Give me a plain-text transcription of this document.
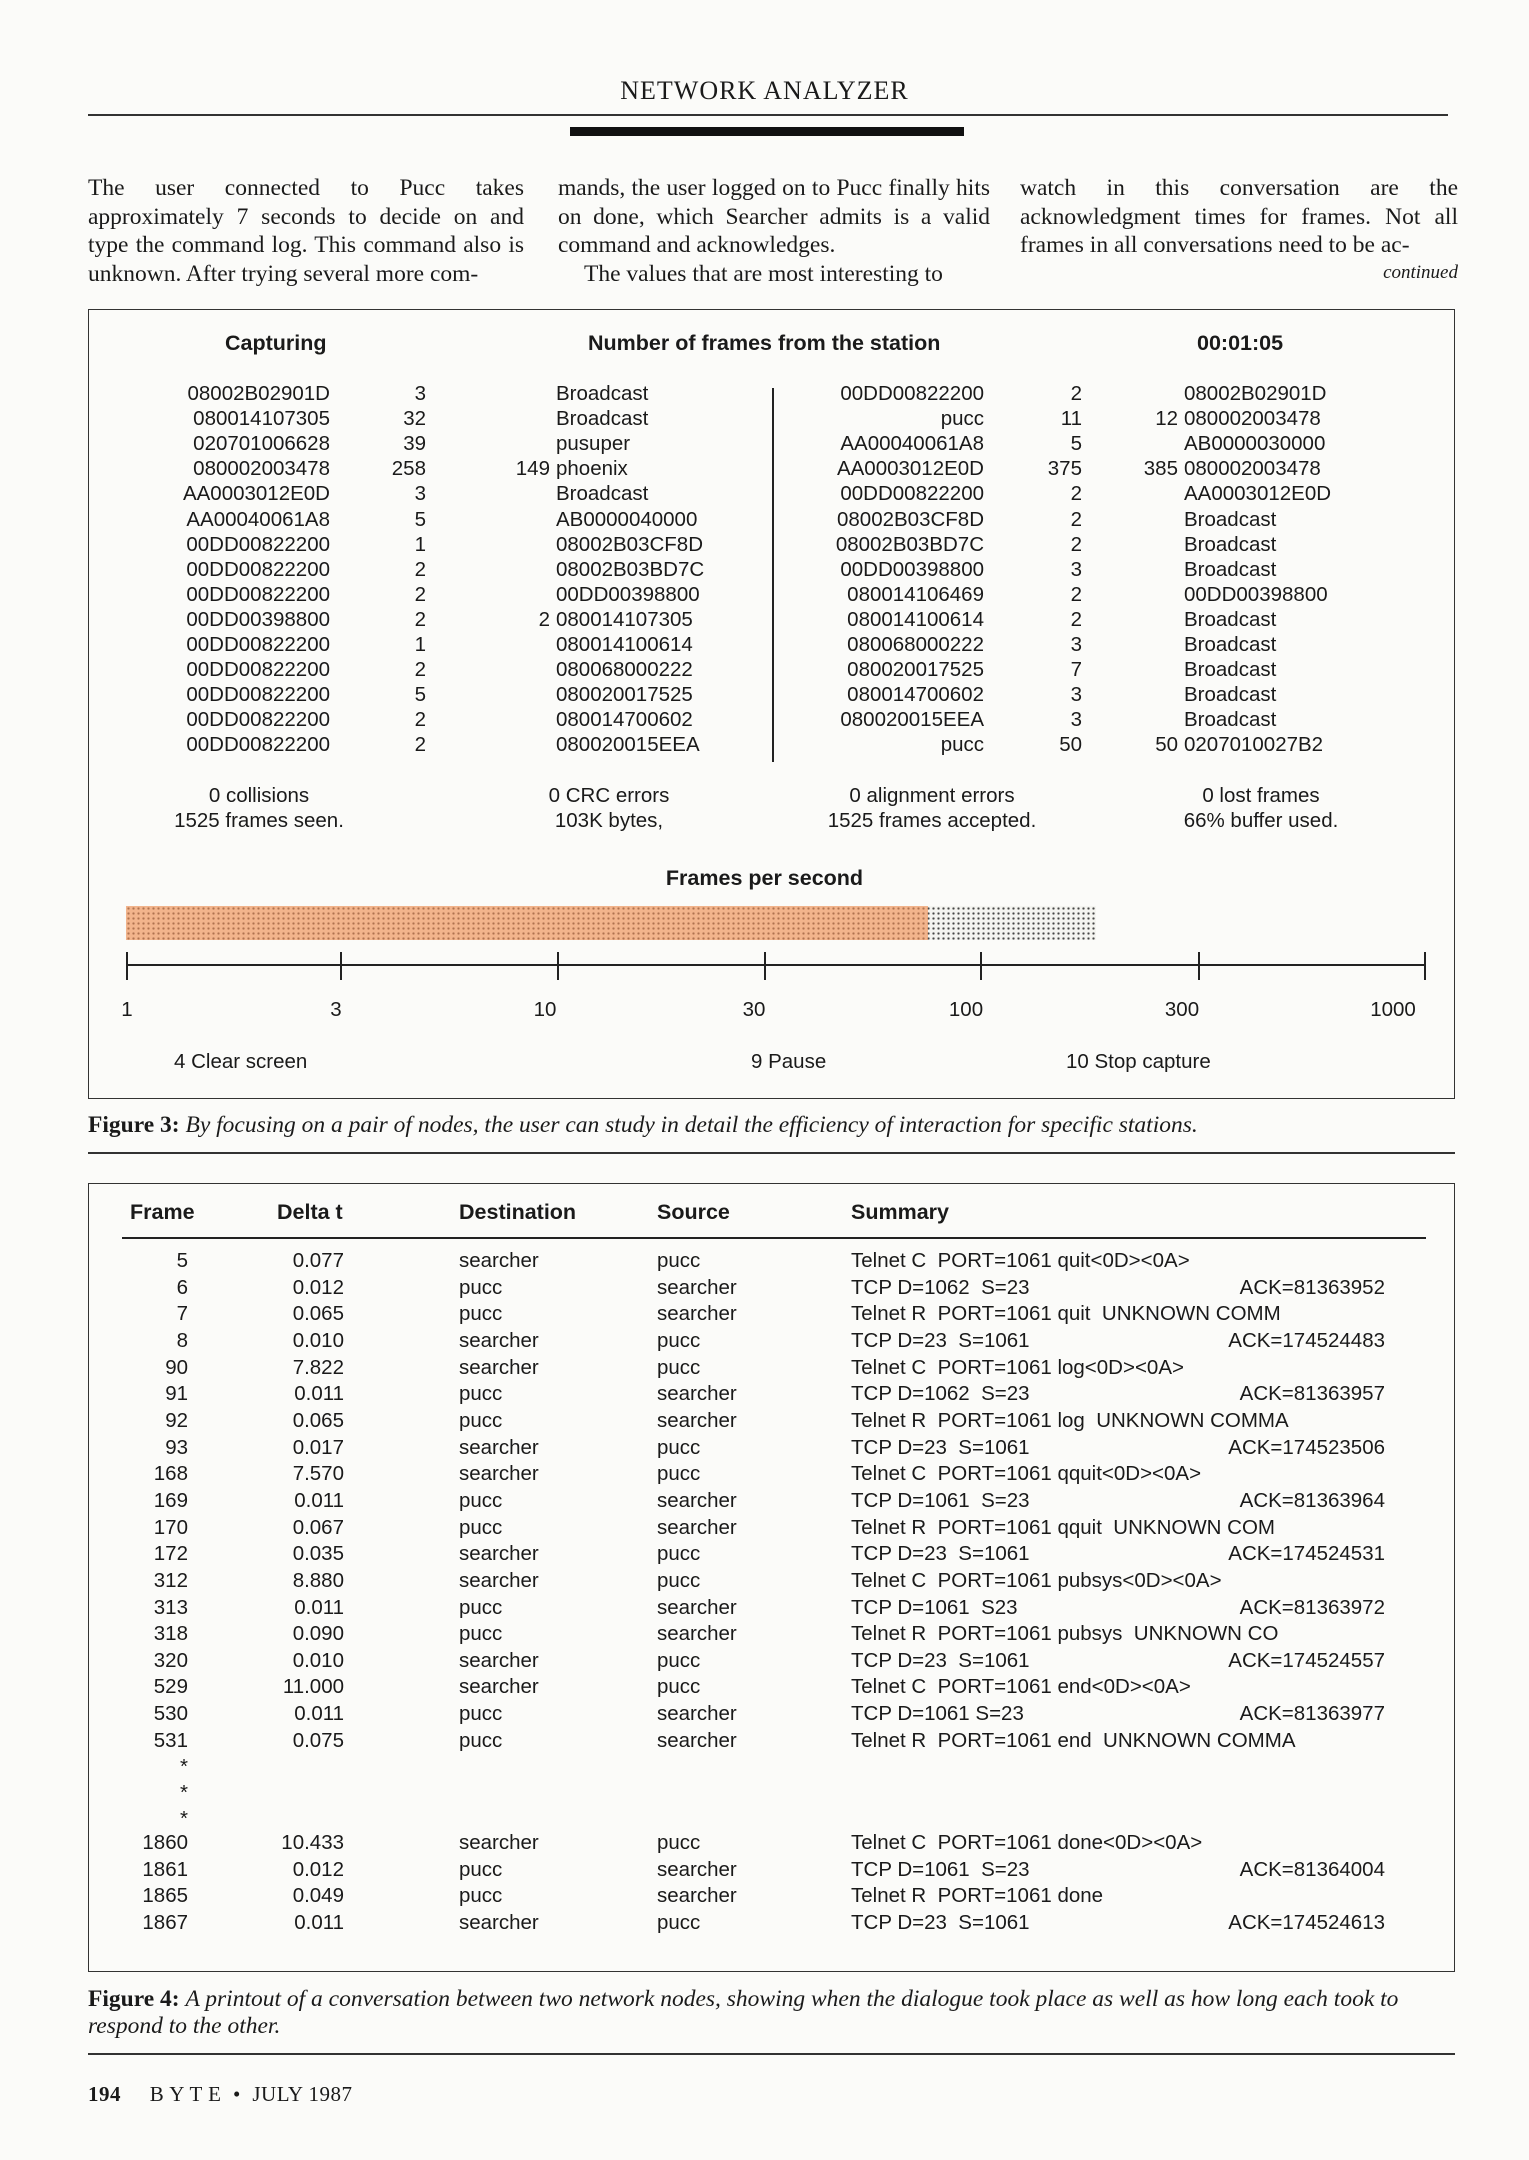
NETWORK ANALYZER

The user connected to Pucc takes approximately 7 seconds to decide on and type the command log. This command also is unknown. After trying several more com-

mands, the user logged on to Pucc finally hits on done, which Searcher admits is a valid command and acknowledges.

The values that are most interesting to

watch in this conversation are the acknowledgment times for frames. Not all frames in all conversations need to be ac-

continued
Capturing	Number of frames from the station	00:01:05
08002B02901D	3	Broadcast	00DD00822200	2	08002B02901D
080014107305	32	Broadcast	pucc	11	12 080002003478
020701006628	39	pusuper	AA00040061A8	5	AB0000030000
080002003478	258	149 phoenix	AA0003012E0D	375	385 080002003478
AA0003012E0D	3	Broadcast	00DD00822200	2	AA0003012E0D
AA00040061A8	5	AB0000040000	08002B03CF8D	2	Broadcast
00DD00822200	1	08002B03CF8D	08002B03BD7C	2	Broadcast
00DD00822200	2	08002B03BD7C	00DD00398800	3	Broadcast
00DD00822200	2	00DD00398800	080014106469	2	00DD00398800
00DD00398800	2	2 080014107305	080014100614	2	Broadcast
00DD00822200	1	080014100614	080068000222	3	Broadcast
00DD00822200	2	080068000222	080020017525	7	Broadcast
00DD00822200	5	080020017525	080014700602	3	Broadcast
00DD00822200	2	080014700602	080020015EEA	3	Broadcast
00DD00822200	2	080020015EEA	pucc	50	50 0207010027B2
0 collisions
1525 frames seen.
0 CRC errors
103K bytes,
0 alignment errors
1525 frames accepted.
0 lost frames
66% buffer used.
Frames per second
1	3	10	30	100	300	1000
4 Clear screen	9 Pause	10 Stop capture
Figure 3: By focusing on a pair of nodes, the user can study in detail the efficiency of interaction for specific stations.
Frame	Delta t	Destination	Source	Summary
5	0.077	searcher	pucc	Telnet C  PORT=1061 quit<0D><0A>
6	0.012	pucc	searcher	TCP D=1062  S=23	ACK=81363952
7	0.065	pucc	searcher	Telnet R  PORT=1061 quit  UNKNOWN COMM
8	0.010	searcher	pucc	TCP D=23  S=1061	ACK=174524483
90	7.822	searcher	pucc	Telnet C  PORT=1061 log<0D><0A>
91	0.011	pucc	searcher	TCP D=1062  S=23	ACK=81363957
92	0.065	pucc	searcher	Telnet R  PORT=1061 log  UNKNOWN COMMA
93	0.017	searcher	pucc	TCP D=23  S=1061	ACK=174523506
168	7.570	searcher	pucc	Telnet C  PORT=1061 qquit<0D><0A>
169	0.011	pucc	searcher	TCP D=1061  S=23	ACK=81363964
170	0.067	pucc	searcher	Telnet R  PORT=1061 qquit  UNKNOWN COM
172	0.035	searcher	pucc	TCP D=23  S=1061	ACK=174524531
312	8.880	searcher	pucc	Telnet C  PORT=1061 pubsys<0D><0A>
313	0.011	pucc	searcher	TCP D=1061  S23	ACK=81363972
318	0.090	pucc	searcher	Telnet R  PORT=1061 pubsys  UNKNOWN CO
320	0.010	searcher	pucc	TCP D=23  S=1061	ACK=174524557
529	11.000	searcher	pucc	Telnet C  PORT=1061 end<0D><0A>
530	0.011	pucc	searcher	TCP D=1061 S=23	ACK=81363977
531	0.075	pucc	searcher	Telnet R  PORT=1061 end  UNKNOWN COMMA
*
*
*
1860	10.433	searcher	pucc	Telnet C  PORT=1061 done<0D><0A>
1861	0.012	pucc	searcher	TCP D=1061  S=23	ACK=81364004
1865	0.049	pucc	searcher	Telnet R  PORT=1061 done
1867	0.011	searcher	pucc	TCP D=23  S=1061	ACK=174524613
Figure 4: A printout of a conversation between two network nodes, showing when the dialogue took place as well as how long each took to respond to the other.
194 B Y T E  •  JULY 1987
